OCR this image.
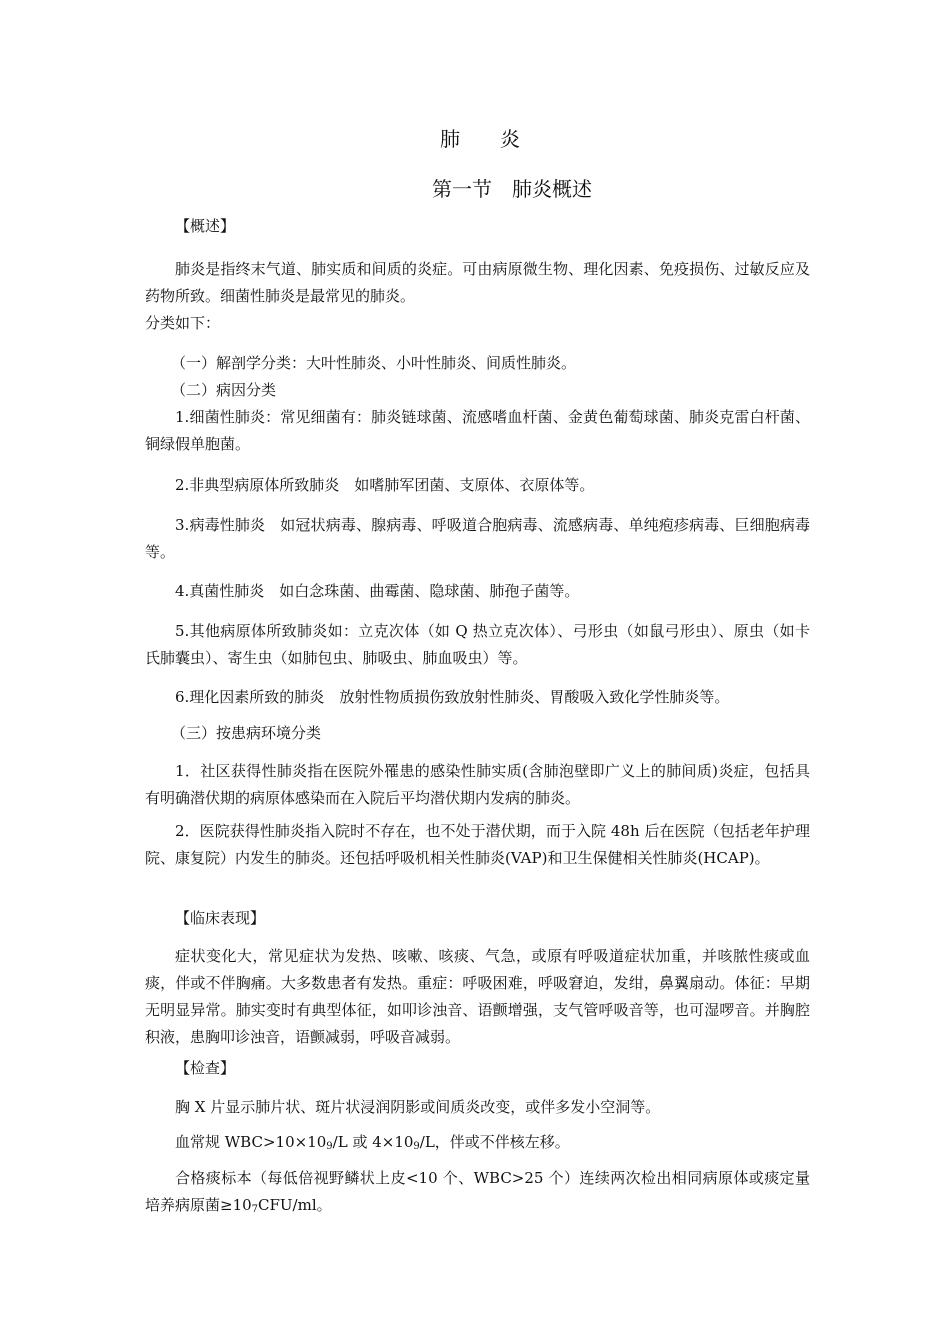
肺　　炎
第一节　肺炎概述
【概述】
肺炎是指终末气道、肺实质和间质的炎症。可由病原微生物、理化因素、免疫损伤、过敏反应及药物所致。细菌性肺炎是最常见的肺炎。
分类如下：
（一）解剖学分类：大叶性肺炎、小叶性肺炎、间质性肺炎。
（二）病因分类
1.细菌性肺炎：常见细菌有：肺炎链球菌、流感嗜血杆菌、金黄色葡萄球菌、肺炎克雷白杆菌、铜绿假单胞菌。
2.非典型病原体所致肺炎　如嗜肺军团菌、支原体、衣原体等。
3.病毒性肺炎　如冠状病毒、腺病毒、呼吸道合胞病毒、流感病毒、单纯疱疹病毒、巨细胞病毒等。
4.真菌性肺炎　如白念珠菌、曲霉菌、隐球菌、肺孢子菌等。
5.其他病原体所致肺炎如：立克次体（如 Q 热立克次体）、弓形虫（如鼠弓形虫）、原虫（如卡氏肺囊虫）、寄生虫（如肺包虫、肺吸虫、肺血吸虫）等。
6.理化因素所致的肺炎　放射性物质损伤致放射性肺炎、胃酸吸入致化学性肺炎等。
（三）按患病环境分类
1．社区获得性肺炎指在医院外罹患的感染性肺实质(含肺泡壁即广义上的肺间质)炎症，包括具有明确潜伏期的病原体感染而在入院后平均潜伏期内发病的肺炎。
2．医院获得性肺炎指入院时不存在，也不处于潜伏期，而于入院 48h 后在医院（包括老年护理院、康复院）内发生的肺炎。还包括呼吸机相关性肺炎(VAP)和卫生保健相关性肺炎(HCAP)。
【临床表现】
症状变化大，常见症状为发热、咳嗽、咳痰、气急，或原有呼吸道症状加重，并咳脓性痰或血痰，伴或不伴胸痛。大多数患者有发热。重症：呼吸困难，呼吸窘迫，发绀，鼻翼扇动。体征：早期无明显异常。肺实变时有典型体征，如叩诊浊音、语颤增强，支气管呼吸音等，也可湿啰音。并胸腔积液，患胸叩诊浊音，语颤减弱，呼吸音减弱。
【检查】
胸 X 片显示肺片状、斑片状浸润阴影或间质炎改变，或伴多发小空洞等。
血常规 $WBC>10\times 10_9/L$ 或 $4\times 10_9/L$，伴或不伴核左移。
合格痰标本（每低倍视野鳞状上皮<10 个、WBC>25 个）连续两次检出相同病原体或痰定量培养病原菌$\ge 10_7CFU/ml$。
